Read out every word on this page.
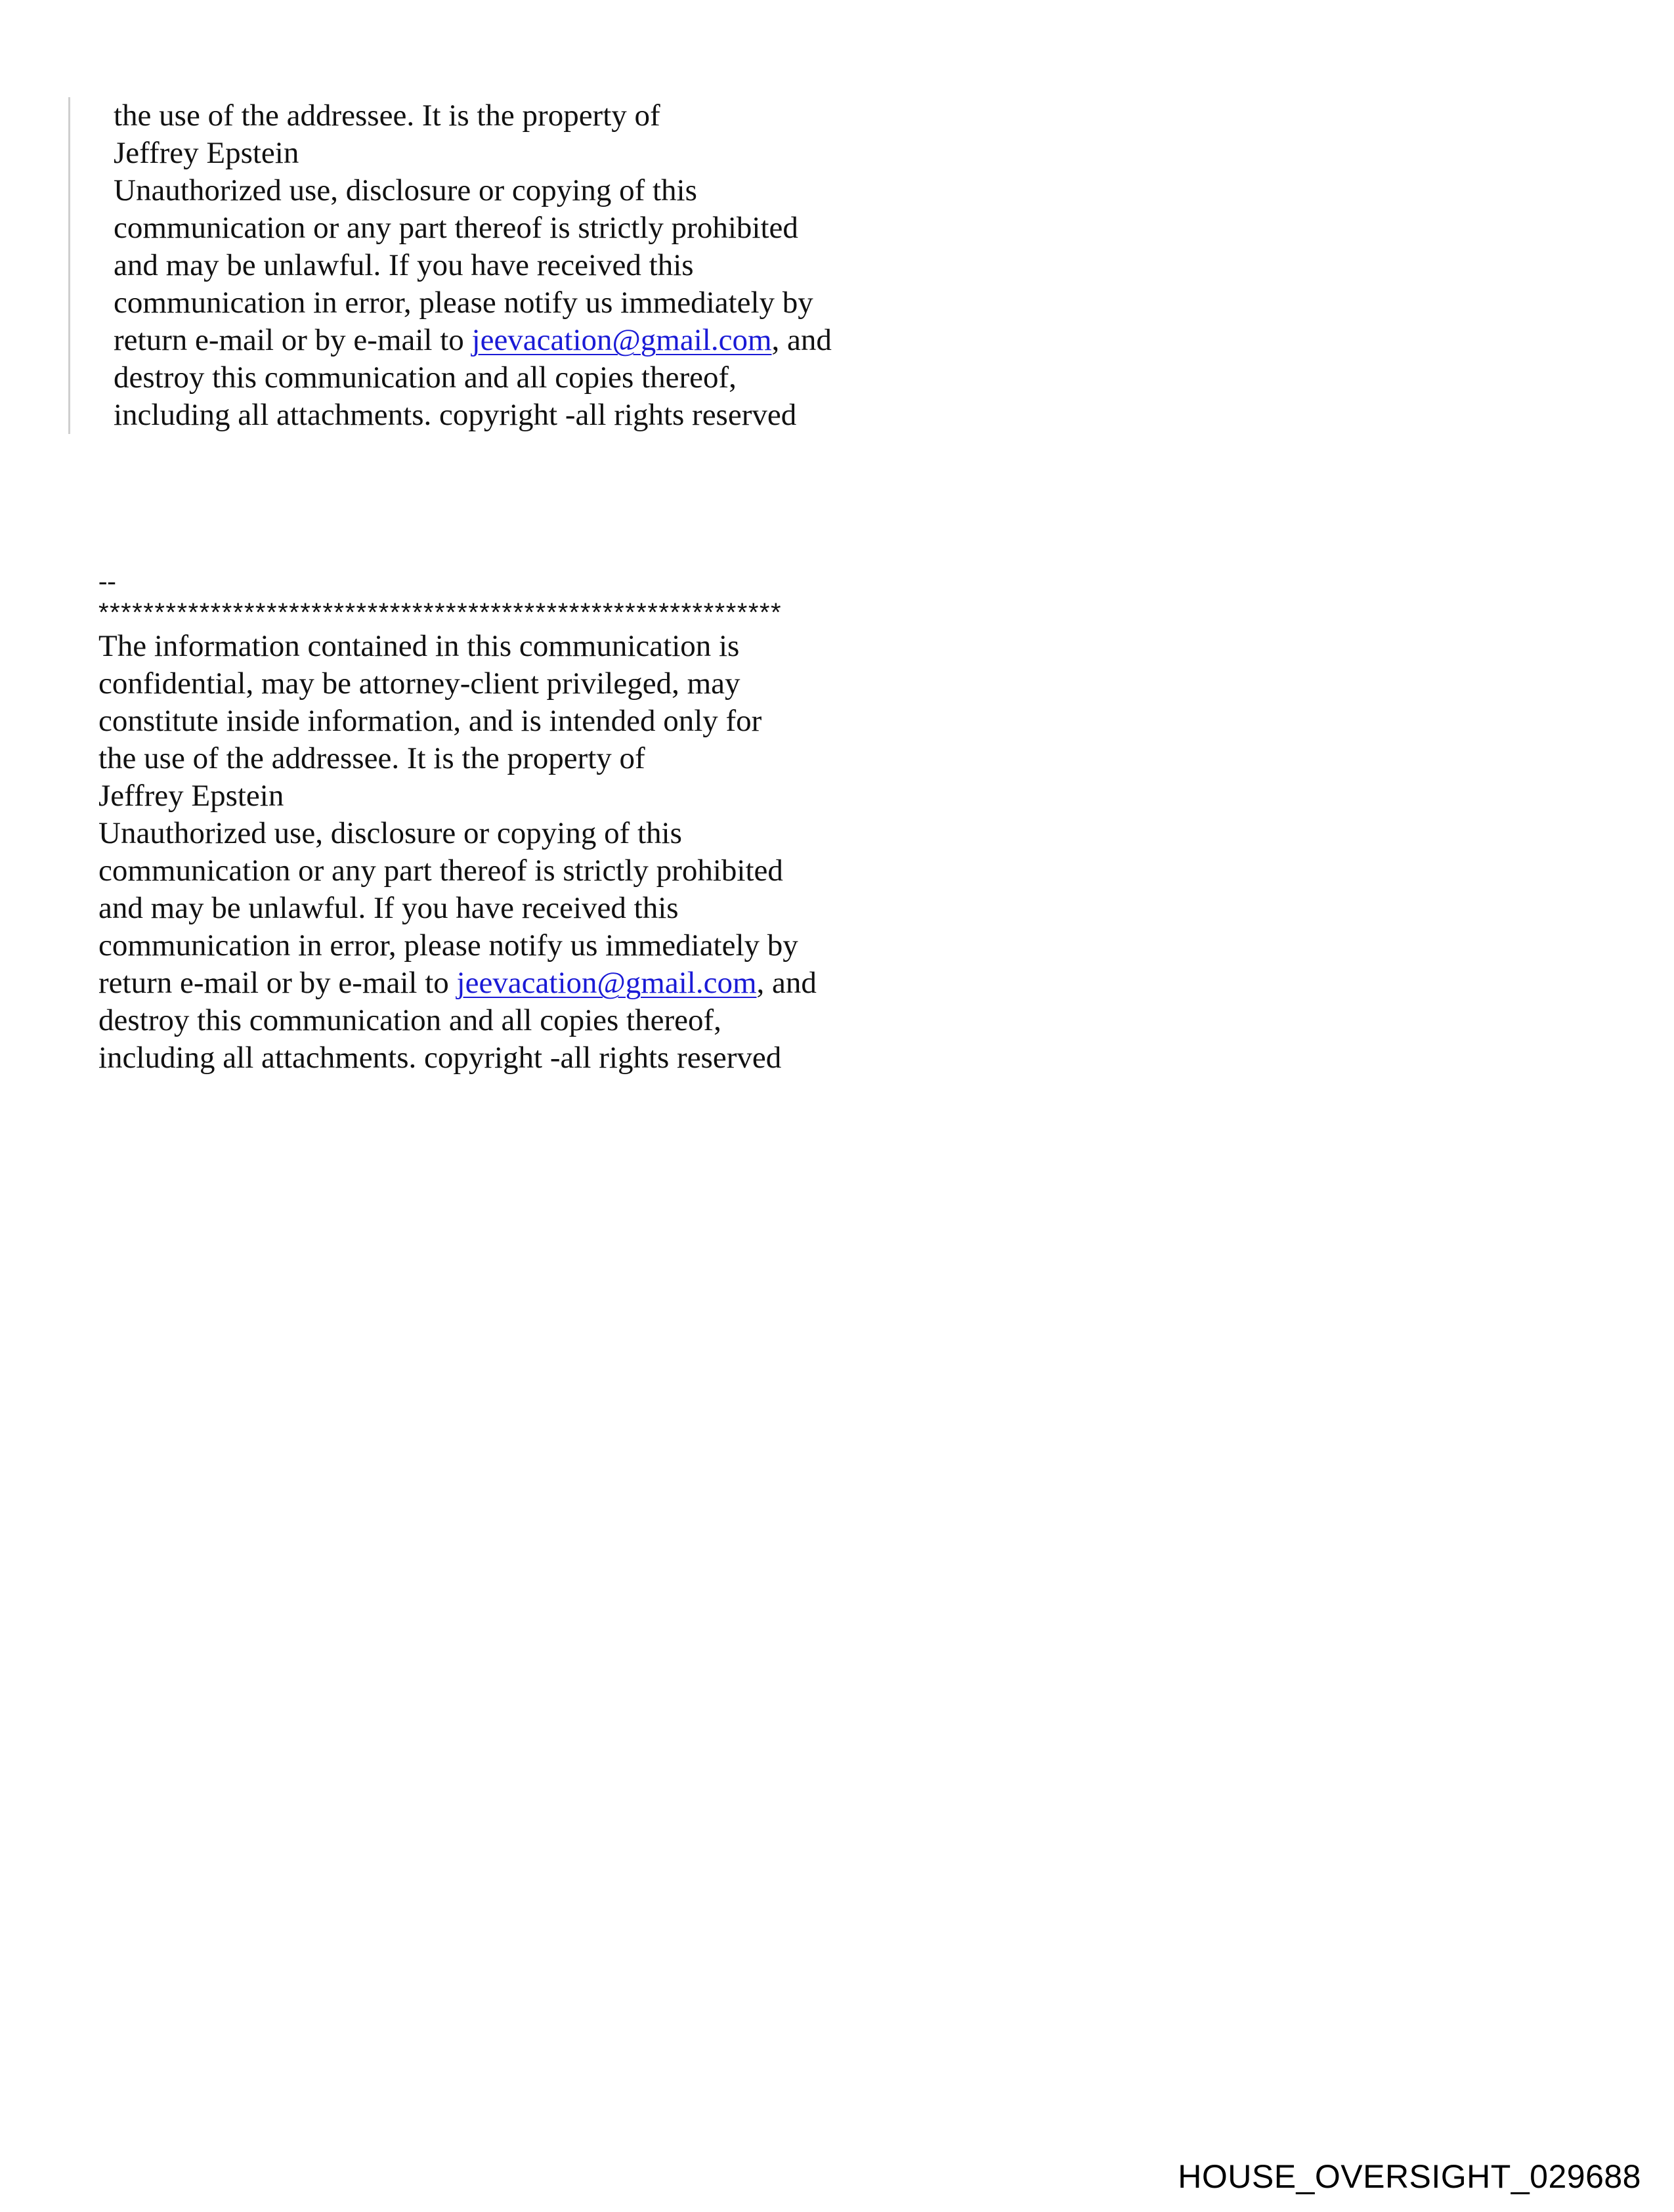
the use of the addressee. It is the property of
Jeffrey Epstein
Unauthorized use, disclosure or copying of this
communication or any part thereof is strictly prohibited
and may be unlawful. If you have received this
communication in error, please notify us immediately by
return e-mail or by e-mail to jeevacation@gmail.com, and
destroy this communication and all copies thereof,
including all attachments. copyright -all rights reserved
--
*************************************************************
The information contained in this communication is
confidential, may be attorney-client privileged, may
constitute inside information, and is intended only for
the use of the addressee. It is the property of
Jeffrey Epstein
Unauthorized use, disclosure or copying of this
communication or any part thereof is strictly prohibited
and may be unlawful. If you have received this
communication in error, please notify us immediately by
return e-mail or by e-mail to jeevacation@gmail.com, and
destroy this communication and all copies thereof,
including all attachments. copyright -all rights reserved
HOUSE_OVERSIGHT_029688
